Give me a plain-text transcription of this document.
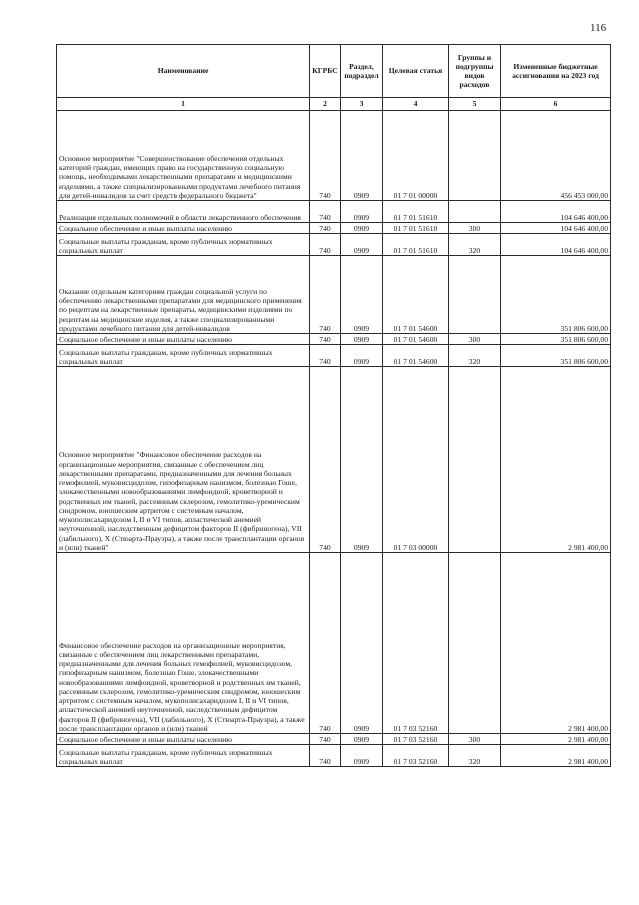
116
Наименование	КГРБС	Раздел, подраздел	Целевая статья	Группы и подгруппы видов расходов	Измененные бюджетные ассигнования на 2023 год
1	2	3	4	5	6
Основное мероприятие "Совершенствование обеспечения отдельных категорий граждан, имеющих право на государственную социальную помощь, необходимыми лекарственными препаратами и медицинскими изделиями, а также специализированными продуктами лечебного питания для детей-инвалидов за счет средств федерального бюджета"	740	0909	01 7 01 00000		456 453 000,00
Реализация отдельных полномочий в области лекарственного обеспечения	740	0909	01 7 01 51610		104 646 400,00
Социальное обеспечение и иные выплаты населению	740	0909	01 7 01 51610	300	104 646 400,00
Социальные выплаты гражданам, кроме публичных нормативных социальных выплат	740	0909	01 7 01 51610	320	104 646 400,00
Оказание отдельным категориям граждан социальной услуги по обеспечению лекарственными препаратами для медицинского применения по рецептам на лекарственные препараты, медицинскими изделиями по рецептам на медицинские изделия, а также специализированными продуктами лечебного питания для детей-инвалидов	740	0909	01 7 01 54600		351 806 600,00
Социальное обеспечение и иные выплаты населению	740	0909	01 7 01 54600	300	351 806 600,00
Социальные выплаты гражданам, кроме публичных нормативных социальных выплат	740	0909	01 7 01 54600	320	351 806 600,00
Основное мероприятие "Финансовое обеспечение расходов на организационные мероприятия, связанные с обеспечением лиц лекарственными препаратами, предназначенными для лечения больных гемофилией, муковисцидозом, гипофизарным нанизмом, болезнью Гоше, злокачественными новообразованиями лимфоидной, кроветворной и родственных им тканей, рассеянным склерозом, гемолитико-уремическим синдромом, юношеским артритом с системным началом, мукополисахаридозом I, II и VI типов, апластической анемией неуточненной, наследственным дефицитом факторов II (фибриногена), VII (лабильного), X (Стюарта-Прауэра), а также после трансплантации органов и (или) тканей"	740	0909	01 7 03 00000		2 981 400,00
Финансовое обеспечение расходов на организационные мероприятия, связанные с обеспечением лиц лекарственными препаратами, предназначенными для лечения больных гемофилией, муковисцидозом, гипофизарным нанизмом, болезнью Гоше, злокачественными новообразованиями лимфоидной, кроветворной и родственных им тканей, рассеянным склерозом, гемолитико-уремическим синдромом, юношеским артритом с системным началом, мукополисахаридозом I, II и VI типов, апластической анемией неуточненной, наследственным дефицитом факторов II (фибриногена), VII (лабильного), X (Стюарта-Прауэра), а также после трансплантации органов и (или) тканей	740	0909	01 7 03 52160		2 981 400,00
Социальное обеспечение и иные выплаты населению	740	0909	01 7 03 52160	300	2 981 400,00
Социальные выплаты гражданам, кроме публичных нормативных социальных выплат	740	0909	01 7 03 52160	320	2 981 400,00
